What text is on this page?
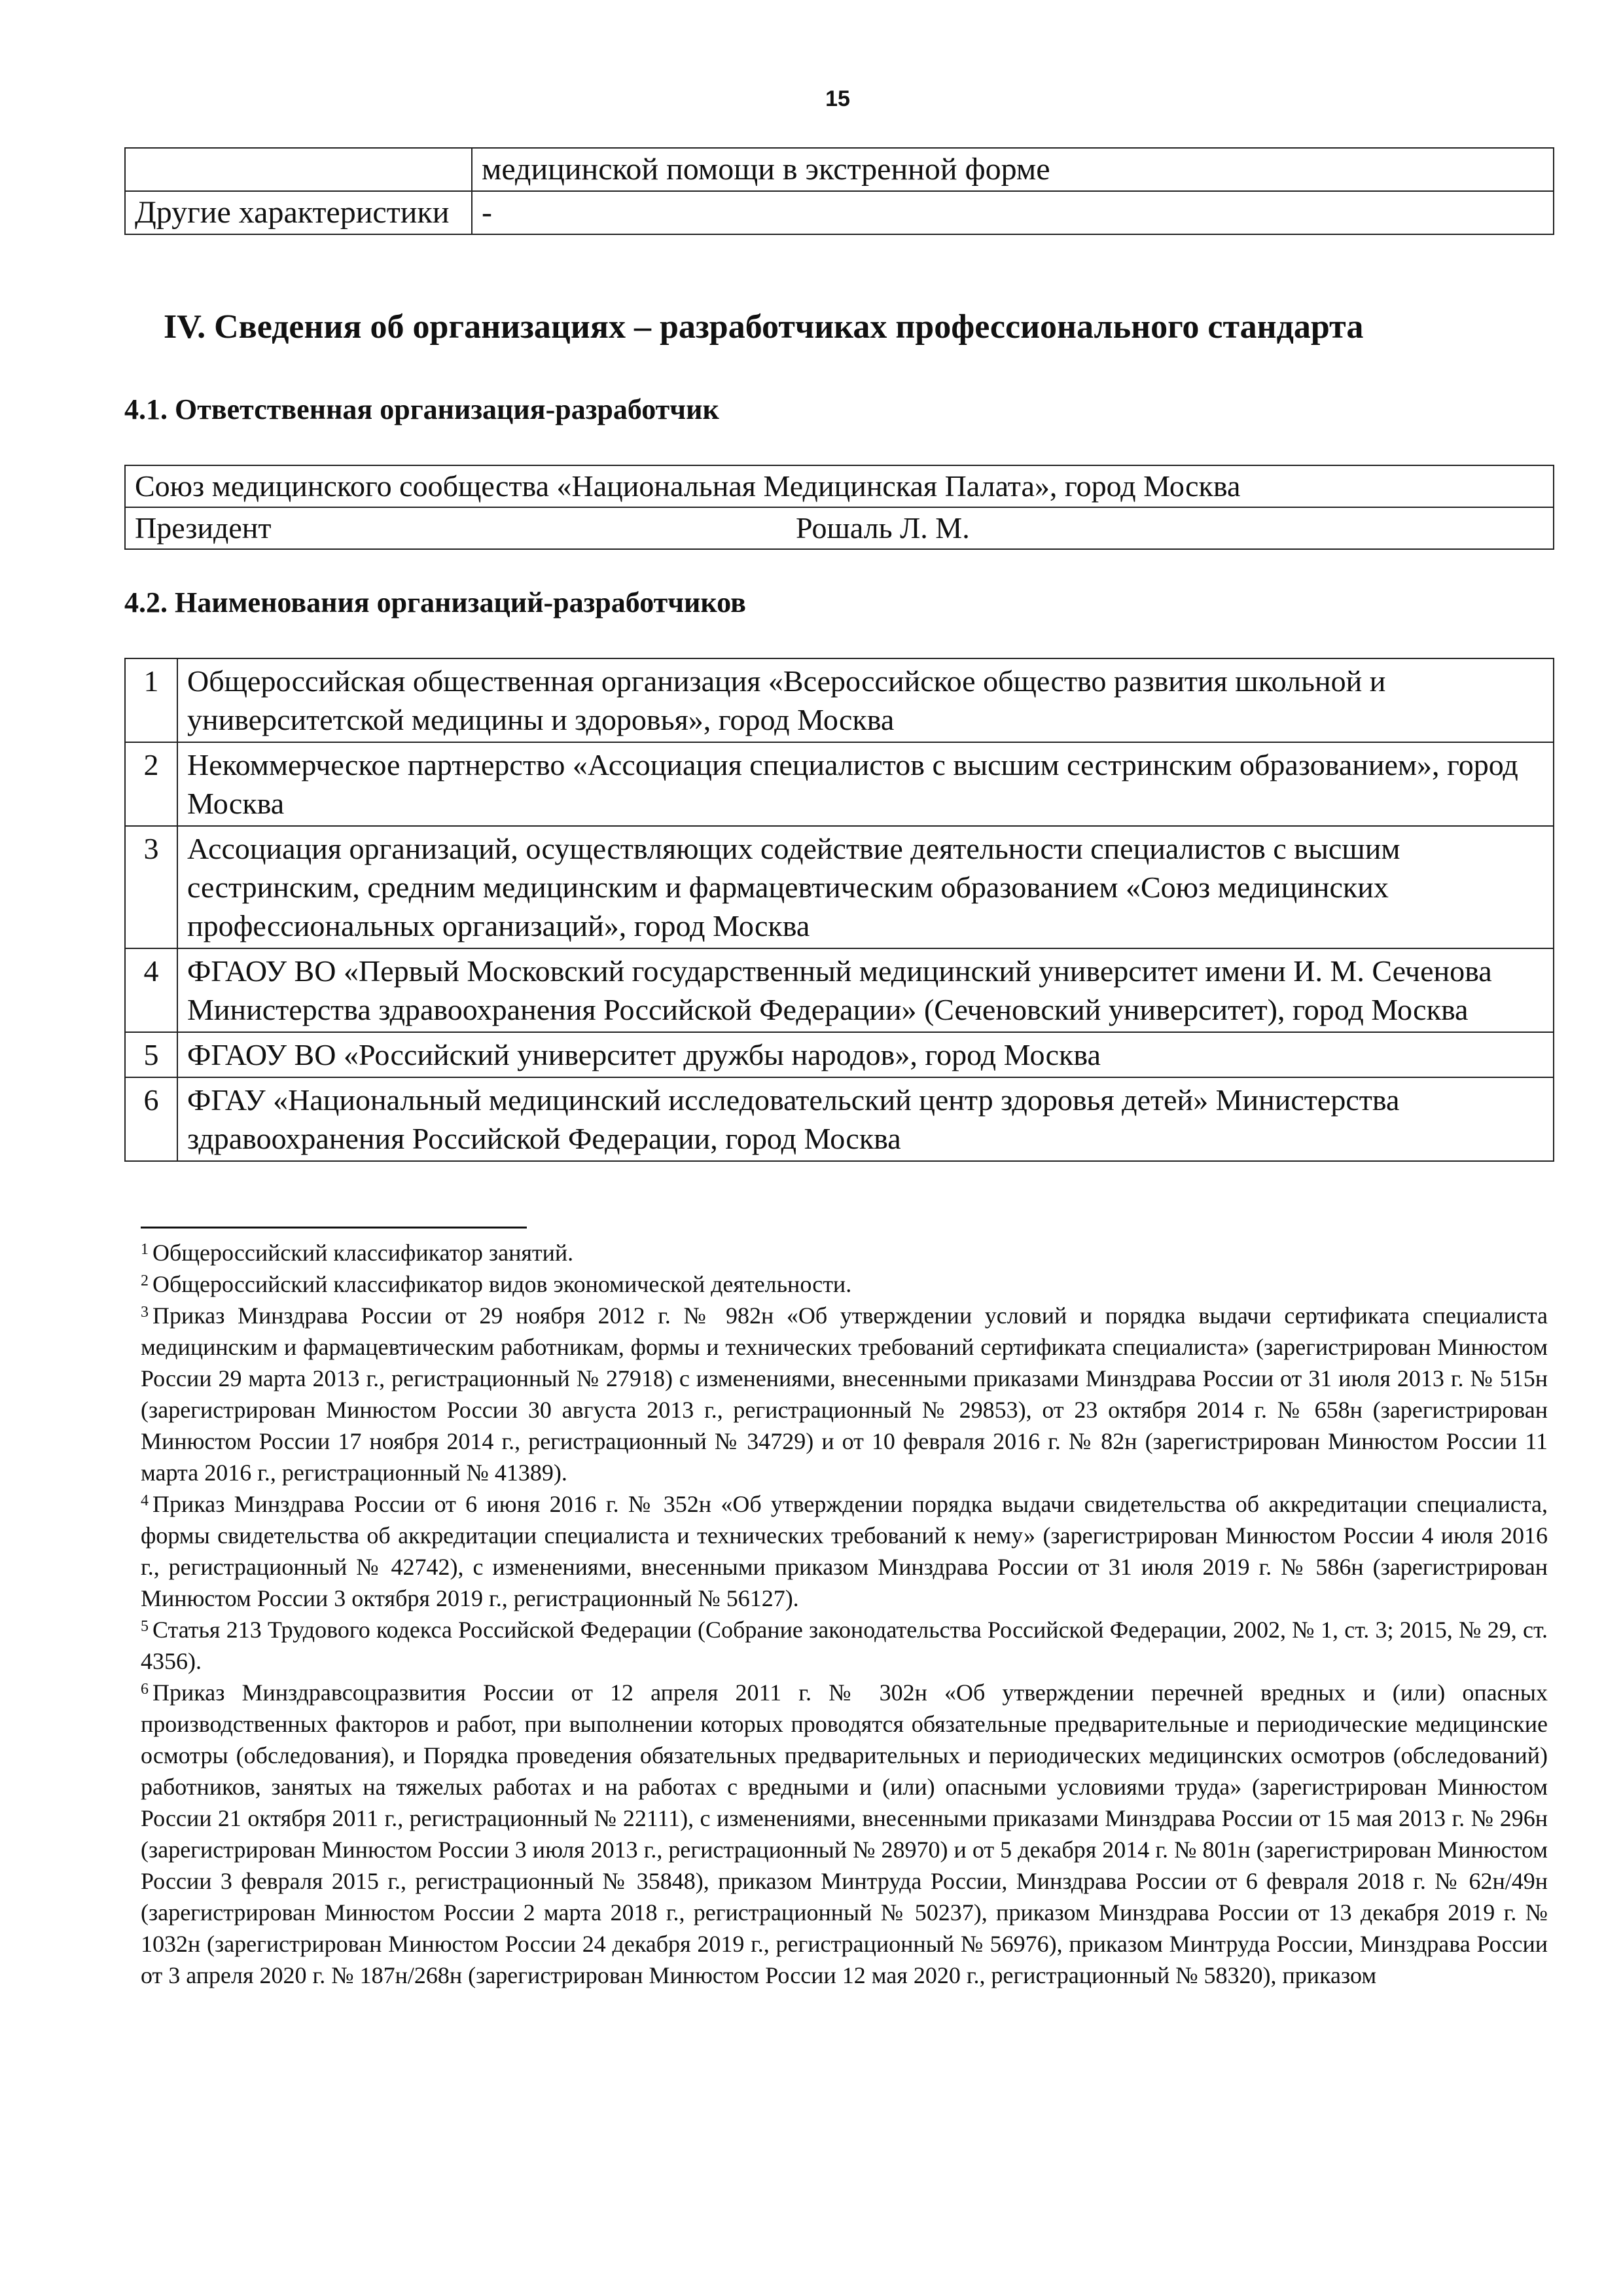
15
	медицинской помощи в экстренной форме
Другие характеристики	-
IV. Сведения об организациях – разработчиках профессионального стандарта
4.1. Ответственная организация-разработчик
Союз медицинского сообщества «Национальная Медицинская Палата», город Москва
Президент	Рошаль Л. М.
4.2. Наименования организаций-разработчиков
1	Общероссийская общественная организация «Всероссийское общество развития школьной и университетской медицины и здоровья», город Москва
2	Некоммерческое партнерство «Ассоциация специалистов с высшим сестринским образованием», город Москва
3	Ассоциация организаций, осуществляющих содействие деятельности специалистов с высшим сестринским, средним медицинским и фармацевтическим образованием «Союз медицинских профессиональных организаций», город Москва
4	ФГАОУ ВО «Первый Московский государственный медицинский университет имени И. М. Сеченова Министерства здравоохранения Российской Федерации» (Сеченовский университет), город Москва
5	ФГАОУ ВО «Российский университет дружбы народов», город Москва
6	ФГАУ «Национальный медицинский исследовательский центр здоровья детей» Министерства здравоохранения Российской Федерации, город Москва

$^1$ Общероссийский классификатор занятий.

$^2$ Общероссийский классификатор видов экономической деятельности.

$^3$ Приказ Минздрава России от 29 ноября 2012 г. № 982н «Об утверждении условий и порядка выдачи сертификата специалиста медицинским и фармацевтическим работникам, формы и технических требований сертификата специалиста» (зарегистрирован Минюстом России 29 марта 2013 г., регистрационный № 27918) с изменениями, внесенными приказами Минздрава России от 31 июля 2013 г. № 515н (зарегистрирован Минюстом России 30 августа 2013 г., регистрационный № 29853), от 23 октября 2014 г. № 658н (зарегистрирован Минюстом России 17 ноября 2014 г., регистрационный № 34729) и от 10 февраля 2016 г. № 82н (зарегистрирован Минюстом России 11 марта 2016 г., регистрационный № 41389).

$^4$ Приказ Минздрава России от 6 июня 2016 г. № 352н «Об утверждении порядка выдачи свидетельства об аккредитации специалиста, формы свидетельства об аккредитации специалиста и технических требований к нему» (зарегистрирован Минюстом России 4 июля 2016 г., регистрационный № 42742), с изменениями, внесенными приказом Минздрава России от 31 июля 2019 г. № 586н (зарегистрирован Минюстом России 3 октября 2019 г., регистрационный № 56127).

$^5$ Статья 213 Трудового кодекса Российской Федерации (Собрание законодательства Российской Федерации, 2002, № 1, ст. 3; 2015, № 29, ст. 4356).

$^6$ Приказ Минздравсоцразвития России от 12 апреля 2011 г. № 302н «Об утверждении перечней вредных и (или) опасных производственных факторов и работ, при выполнении которых проводятся обязательные предварительные и периодические медицинские осмотры (обследования), и Порядка проведения обязательных предварительных и периодических медицинских осмотров (обследований) работников, занятых на тяжелых работах и на работах с вредными и (или) опасными условиями труда» (зарегистрирован Минюстом России 21 октября 2011 г., регистрационный № 22111), с изменениями, внесенными приказами Минздрава России от 15 мая 2013 г. № 296н (зарегистрирован Минюстом России 3 июля 2013 г., регистрационный № 28970) и от 5 декабря 2014 г. № 801н (зарегистрирован Минюстом России 3 февраля 2015 г., регистрационный № 35848), приказом Минтруда России, Минздрава России от 6 февраля 2018 г. № 62н/49н (зарегистрирован Минюстом России 2 марта 2018 г., регистрационный № 50237), приказом Минздрава России от 13 декабря 2019 г. № 1032н (зарегистрирован Минюстом России 24 декабря 2019 г., регистрационный № 56976), приказом Минтруда России, Минздрава России от 3 апреля 2020 г. № 187н/268н (зарегистрирован Минюстом России 12 мая 2020 г., регистрационный № 58320), приказом
